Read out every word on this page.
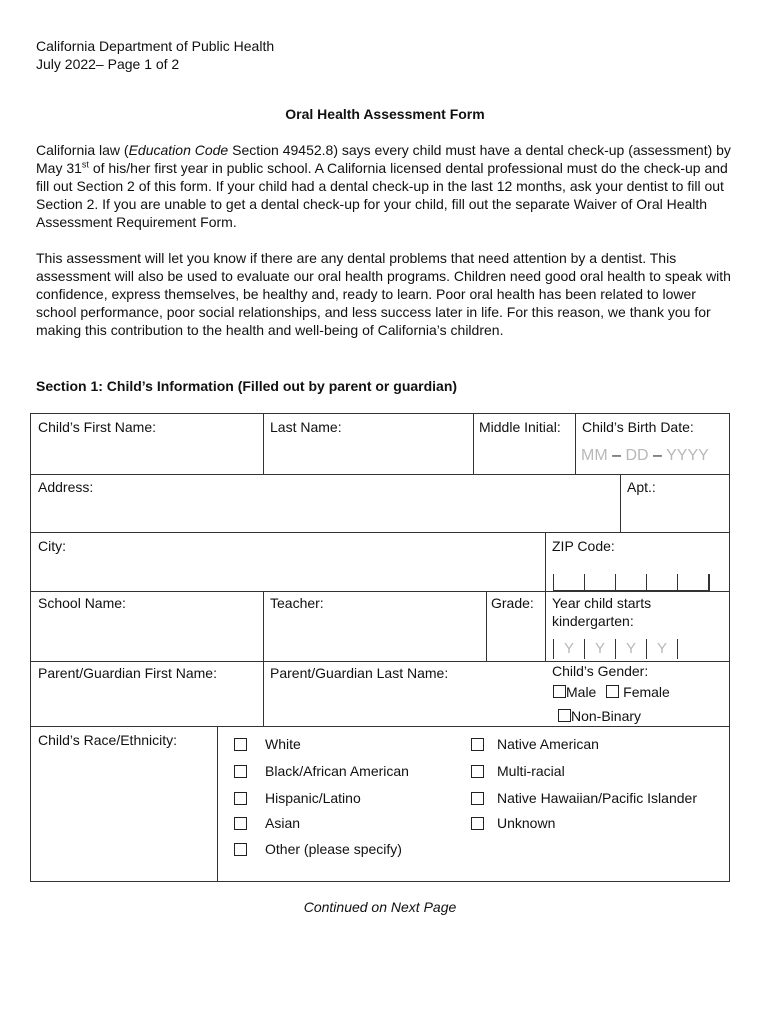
California Department of Public Health
July 2022– Page 1 of 2
Oral Health Assessment Form

California law (Education Code Section 49452.8) says every child must have a dental check-up (assessment) by May 31st of his/her first year in public school. A California licensed dental professional must do the check-up and fill out Section 2 of this form. If your child had a dental check-up in the last 12 months, ask your dentist to fill out Section 2. If you are unable to get a dental check-up for your child, fill out the separate Waiver of Oral Health Assessment Requirement Form.

This assessment will let you know if there are any dental problems that need attention by a dentist. This assessment will also be used to evaluate our oral health programs. Children need good oral health to speak with confidence, express themselves, be healthy and, ready to learn. Poor oral health has been related to lower school performance, poor social relationships, and less success later in life. For this reason, we thank you for making this contribution to the health and well-being of California’s children.

Section 1: Child’s Information (Filled out by parent or guardian)
Child’s First Name:	Last Name:	Middle Initial: Child’s Birth Date:
MM – DD – YYYY
Address:	Apt.:
City:	ZIP Code:
School Name:	Teacher:	Grade: Year child starts
kindergarten:
Y	Y	Y	Y
Parent/Guardian First Name:	Parent/Guardian Last Name:	Child’s Gender:
Male Female
Non-Binary
Child’s Race/Ethnicity:	White
Black/African American
Hispanic/Latino
Asian
Other (please specify)
Native American
Multi-racial
Native Hawaiian/Pacific Islander
Unknown
Continued on Next Page
